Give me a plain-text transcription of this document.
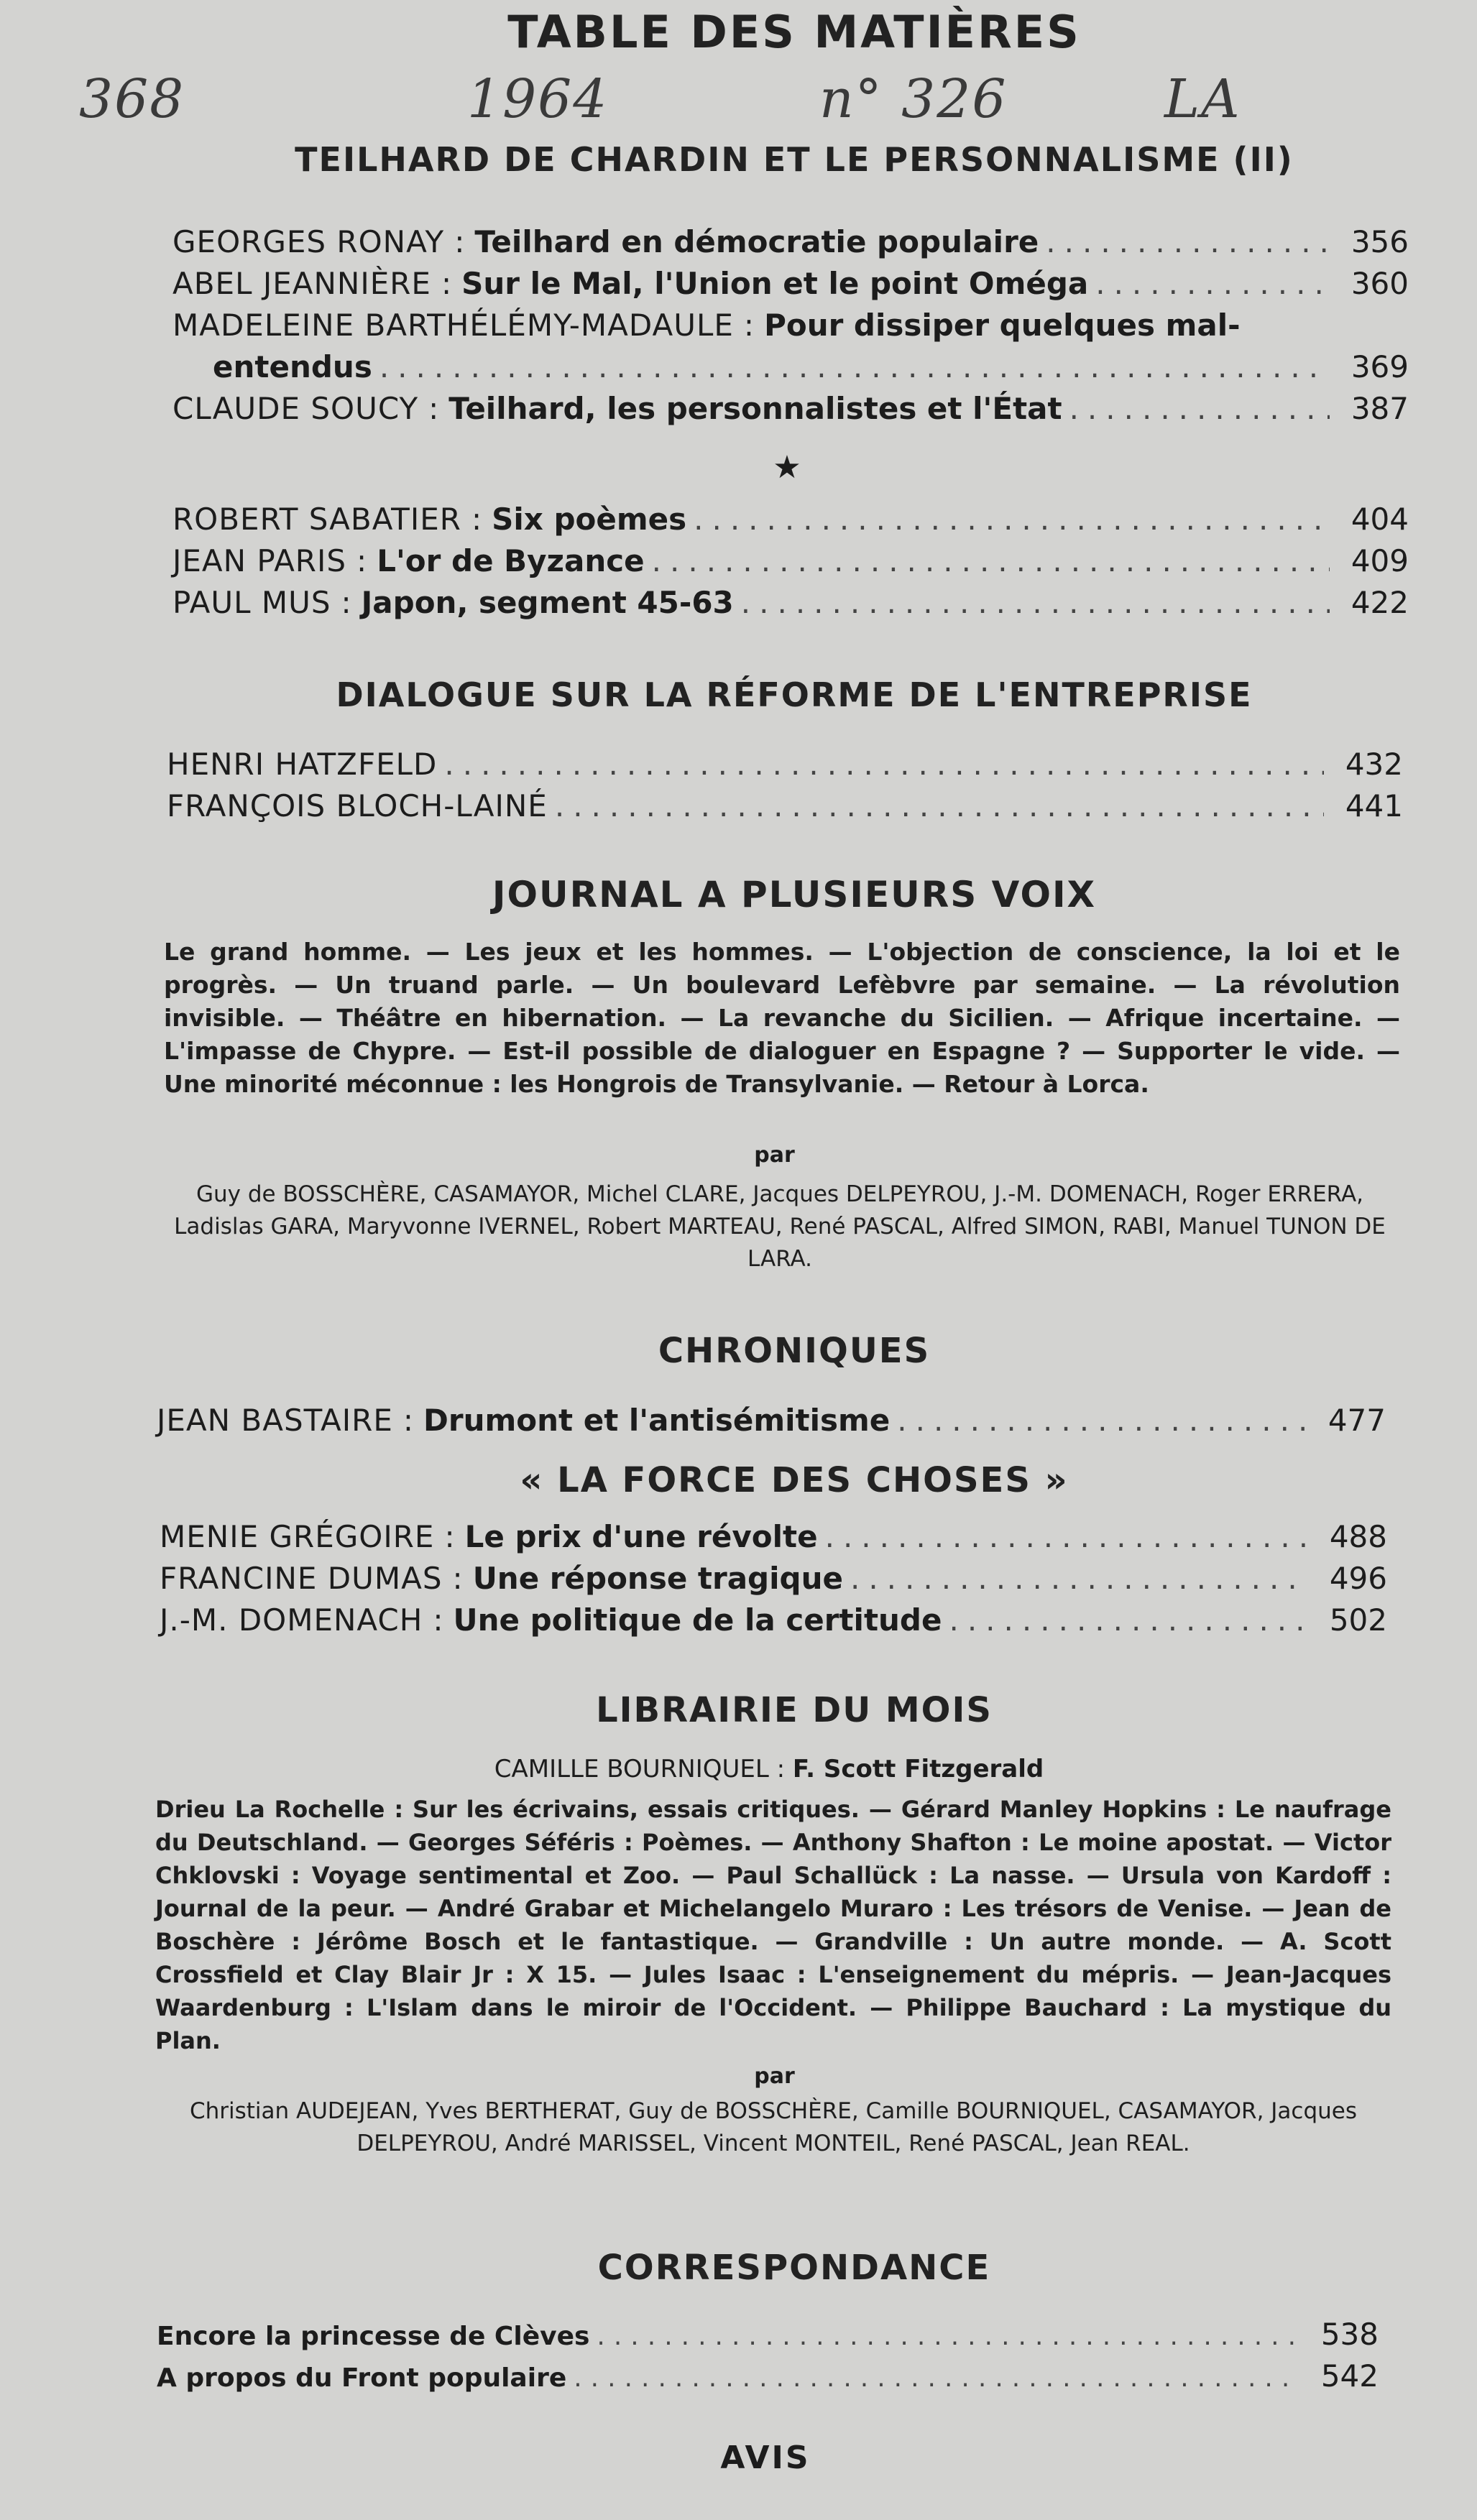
TABLE DES MATIÈRES
368	1964	n° 326	LA
TEILHARD DE CHARDIN ET LE PERSONNALISME (II)
GEORGES RONAY : Teilhard en démocratie populaire .....	356
ABEL JEANNIÈRE : Sur le Mal, l'Union et le point Oméga .....	360
MADELEINE BARTHÉLÉMY-MADAULE : Pour dissiper quelques mal-
entendus .....	369
CLAUDE SOUCY : Teilhard, les personnalistes et l'État .....	387
★
ROBERT SABATIER : Six poèmes .....	404
JEAN PARIS : L'or de Byzance .....	409
PAUL MUS : Japon, segment 45-63 .....	422
DIALOGUE SUR LA RÉFORME DE L'ENTREPRISE
HENRI HATZFELD .....	432
FRANÇOIS BLOCH-LAINÉ .....	441
JOURNAL A PLUSIEURS VOIX
Le grand homme. — Les jeux et les hommes. — L'objection de conscience, la loi et le progrès. — Un truand parle. — Un boulevard Lefèbvre par semaine. — La révolution invisible. — Théâtre en hibernation. — La revanche du Sicilien. — Afrique incertaine. — L'impasse de Chypre. — Est-il possible de dialoguer en Espagne ? — Supporter le vide. — Une minorité méconnue : les Hongrois de Transylvanie. — Retour à Lorca.
par
Guy de BOSSCHÈRE, CASAMAYOR, Michel CLARE, Jacques DELPEYROU, J.-M. DOMENACH, Roger ERRERA, Ladislas GARA, Maryvonne IVERNEL, Robert MARTEAU, René PASCAL, Alfred SIMON, RABI, Manuel TUNON DE LARA.
CHRONIQUES
JEAN BASTAIRE : Drumont et l'antisémitisme .....	477
« LA FORCE DES CHOSES »
MENIE GRÉGOIRE : Le prix d'une révolte .....	488
FRANCINE DUMAS : Une réponse tragique .....	496
J.-M. DOMENACH : Une politique de la certitude .....	502
LIBRAIRIE DU MOIS
CAMILLE BOURNIQUEL : F. Scott Fitzgerald
Drieu La Rochelle : Sur les écrivains, essais critiques. — Gérard Manley Hopkins : Le naufrage du Deutschland. — Georges Séféris : Poèmes. — Anthony Shafton : Le moine apostat. — Victor Chklovski : Voyage sentimental et Zoo. — Paul Schallück : La nasse. — Ursula von Kardoff : Journal de la peur. — André Grabar et Michelangelo Muraro : Les trésors de Venise. — Jean de Boschère : Jérôme Bosch et le fantastique. — Grandville : Un autre monde. — A. Scott Crossfield et Clay Blair Jr : X 15. — Jules Isaac : L'enseignement du mépris. — Jean-Jacques Waardenburg : L'Islam dans le miroir de l'Occident. — Philippe Bauchard : La mystique du Plan.
par
Christian AUDEJEAN, Yves BERTHERAT, Guy de BOSSCHÈRE, Camille BOURNIQUEL, CASAMAYOR, Jacques DELPEYROU, André MARISSEL, Vincent MONTEIL, René PASCAL, Jean REAL.
CORRESPONDANCE
Encore la princesse de Clèves .....	538
A propos du Front populaire .....	542
AVIS
